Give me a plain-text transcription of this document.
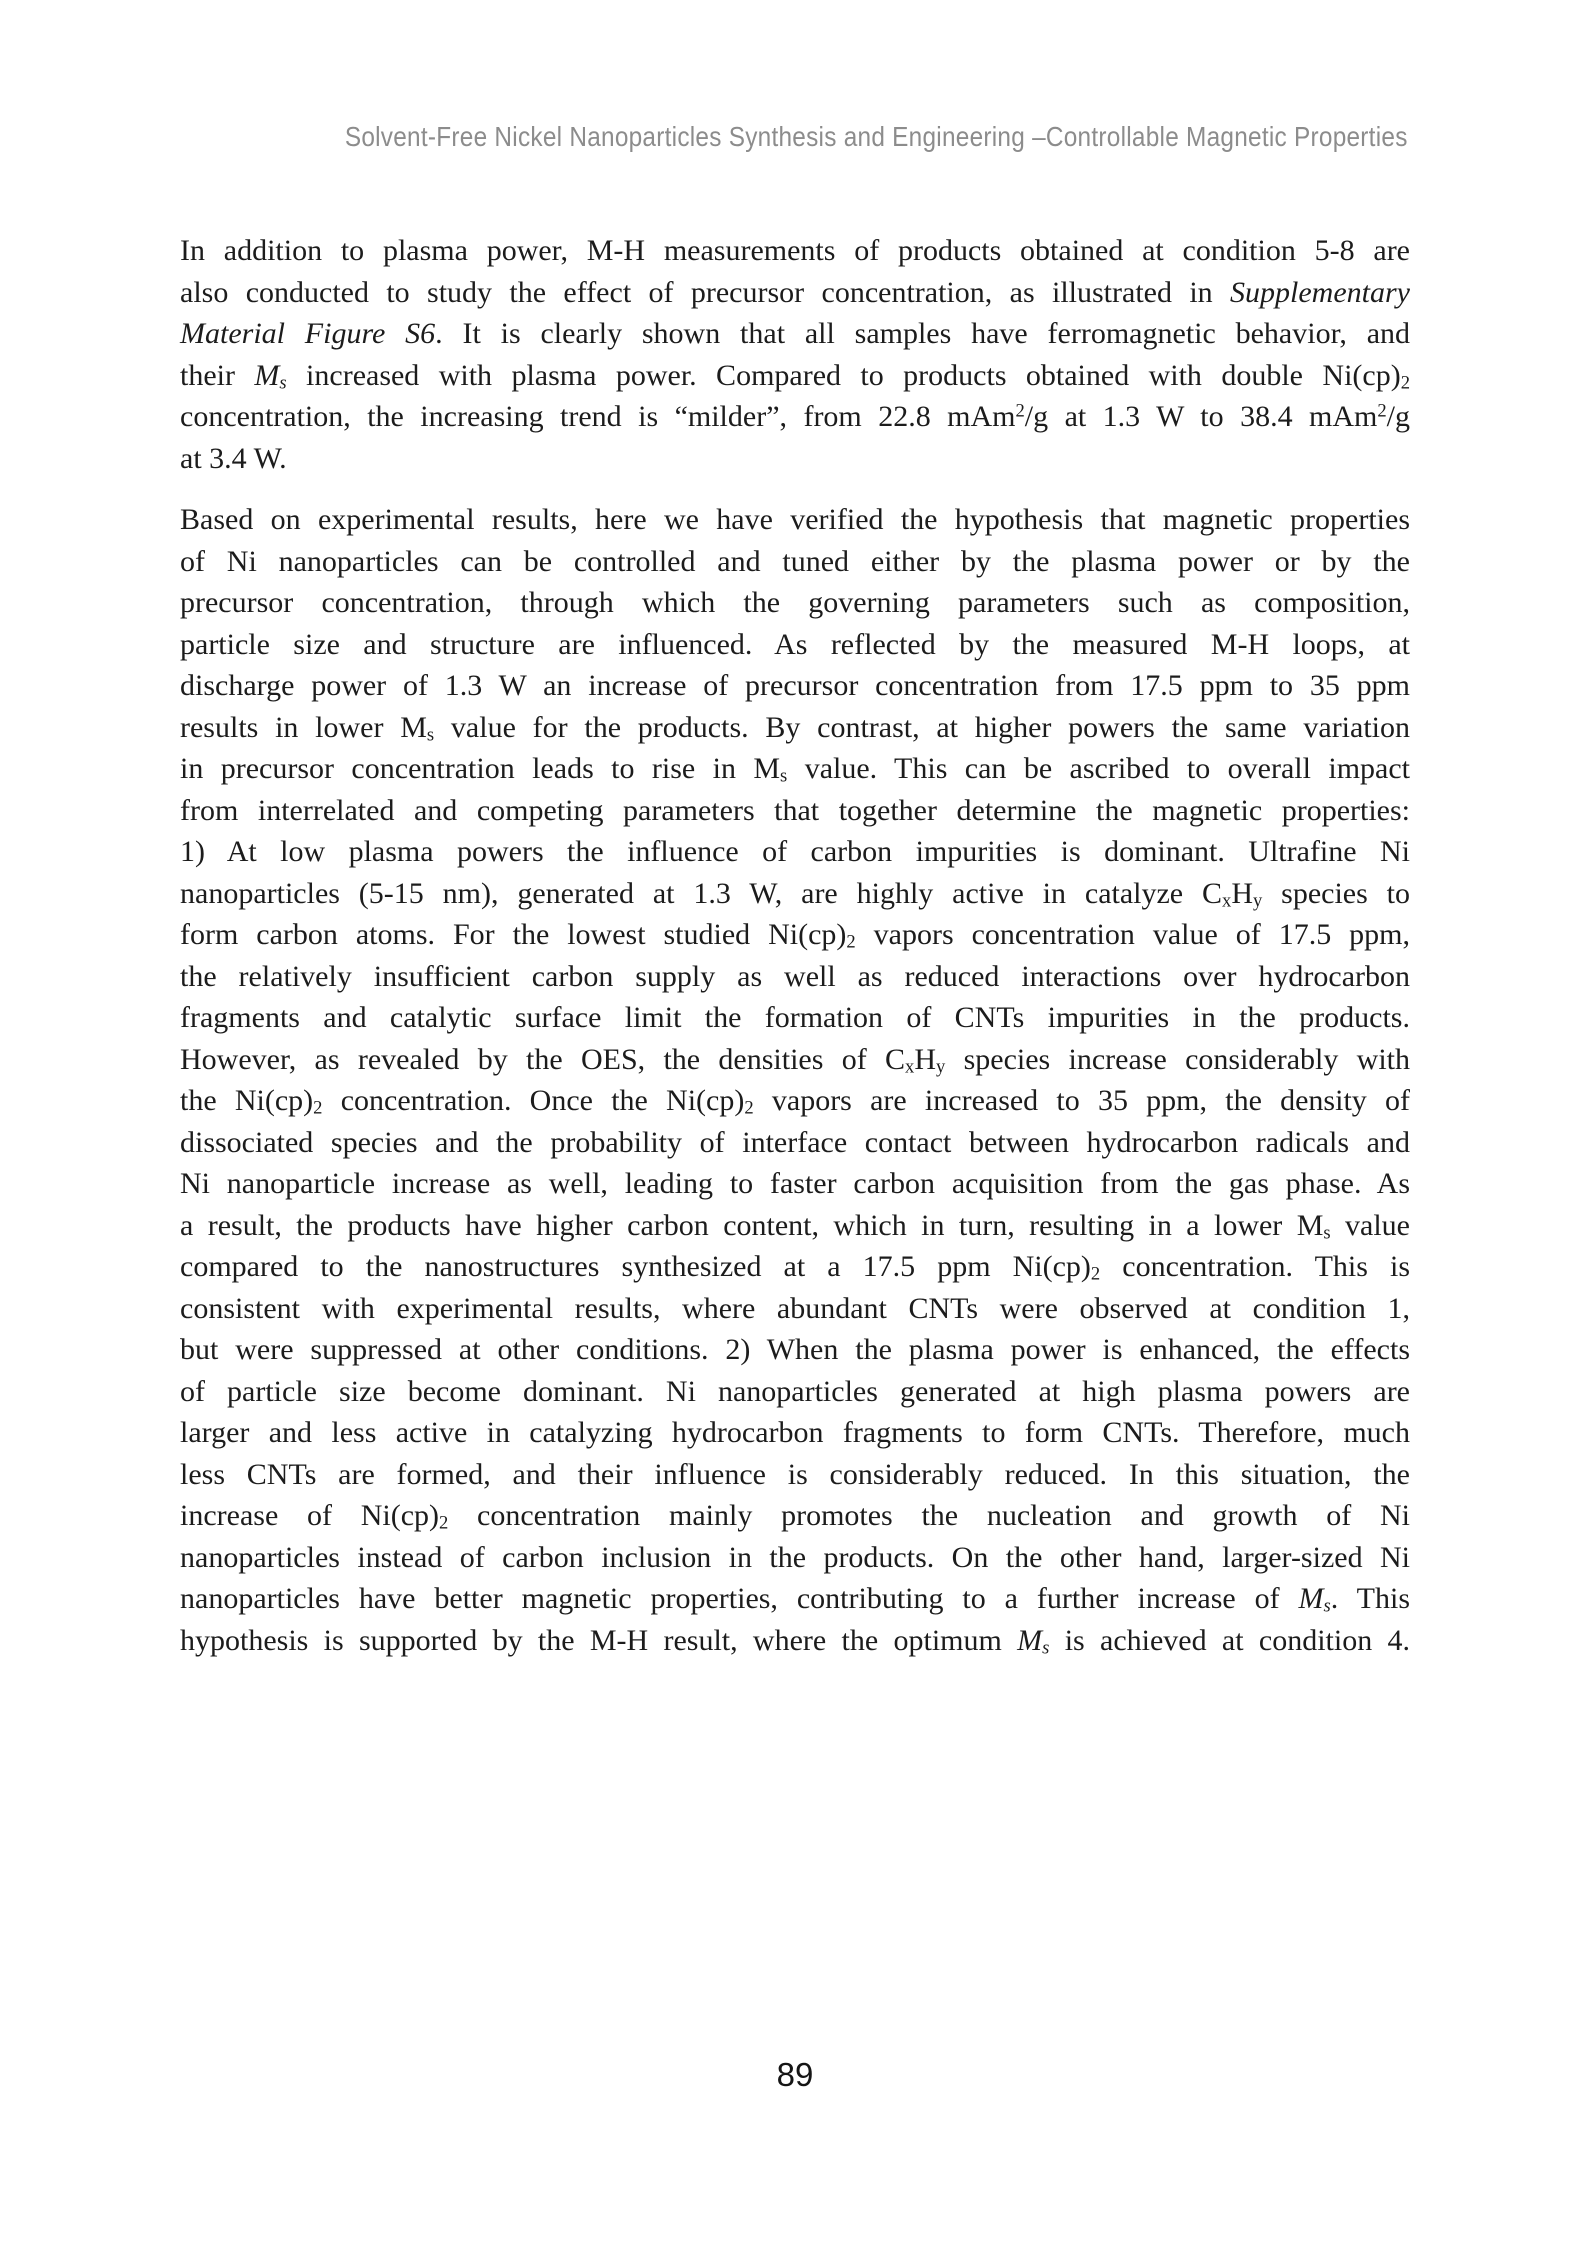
Solvent-Free Nickel Nanoparticles Synthesis and Engineering –Controllable Magnetic Properties
In addition to plasma power, M-H measurements of products obtained at condition 5-8 are
also conducted to study the effect of precursor concentration, as illustrated in Supplementary
Material Figure S6. It is clearly shown that all samples have ferromagnetic behavior, and
their Ms increased with plasma power. Compared to products obtained with double Ni(cp)2
concentration, the increasing trend is “milder”, from 22.8 mAm$^2$/g at 1.3 W to 38.4 mAm$^2$/g
at 3.4 W.
Based on experimental results, here we have verified the hypothesis that magnetic properties
of Ni nanoparticles can be controlled and tuned either by the plasma power or by the
precursor concentration, through which the governing parameters such as composition,
particle size and structure are influenced. As reflected by the measured M-H loops, at
discharge power of 1.3 W an increase of precursor concentration from 17.5 ppm to 35 ppm
results in lower Ms value for the products. By contrast, at higher powers the same variation
in precursor concentration leads to rise in Ms value. This can be ascribed to overall impact
from interrelated and competing parameters that together determine the magnetic properties:
1) At low plasma powers the influence of carbon impurities is dominant. Ultrafine Ni
nanoparticles (5-15 nm), generated at 1.3 W, are highly active in catalyze CxHy species to
form carbon atoms. For the lowest studied Ni(cp)2 vapors concentration value of 17.5 ppm,
the relatively insufficient carbon supply as well as reduced interactions over hydrocarbon
fragments and catalytic surface limit the formation of CNTs impurities in the products.
However, as revealed by the OES, the densities of CxHy species increase considerably with
the Ni(cp)2 concentration. Once the Ni(cp)2 vapors are increased to 35 ppm, the density of
dissociated species and the probability of interface contact between hydrocarbon radicals and
Ni nanoparticle increase as well, leading to faster carbon acquisition from the gas phase. As
a result, the products have higher carbon content, which in turn, resulting in a lower Ms value
compared to the nanostructures synthesized at a 17.5 ppm Ni(cp)2 concentration. This is
consistent with experimental results, where abundant CNTs were observed at condition 1,
but were suppressed at other conditions. 2) When the plasma power is enhanced, the effects
of particle size become dominant. Ni nanoparticles generated at high plasma powers are
larger and less active in catalyzing hydrocarbon fragments to form CNTs. Therefore, much
less CNTs are formed, and their influence is considerably reduced. In this situation, the
increase of Ni(cp)2 concentration mainly promotes the nucleation and growth of Ni
nanoparticles instead of carbon inclusion in the products. On the other hand, larger-sized Ni
nanoparticles have better magnetic properties, contributing to a further increase of Ms. This
hypothesis is supported by the M-H result, where the optimum Ms is achieved at condition 4.
89
